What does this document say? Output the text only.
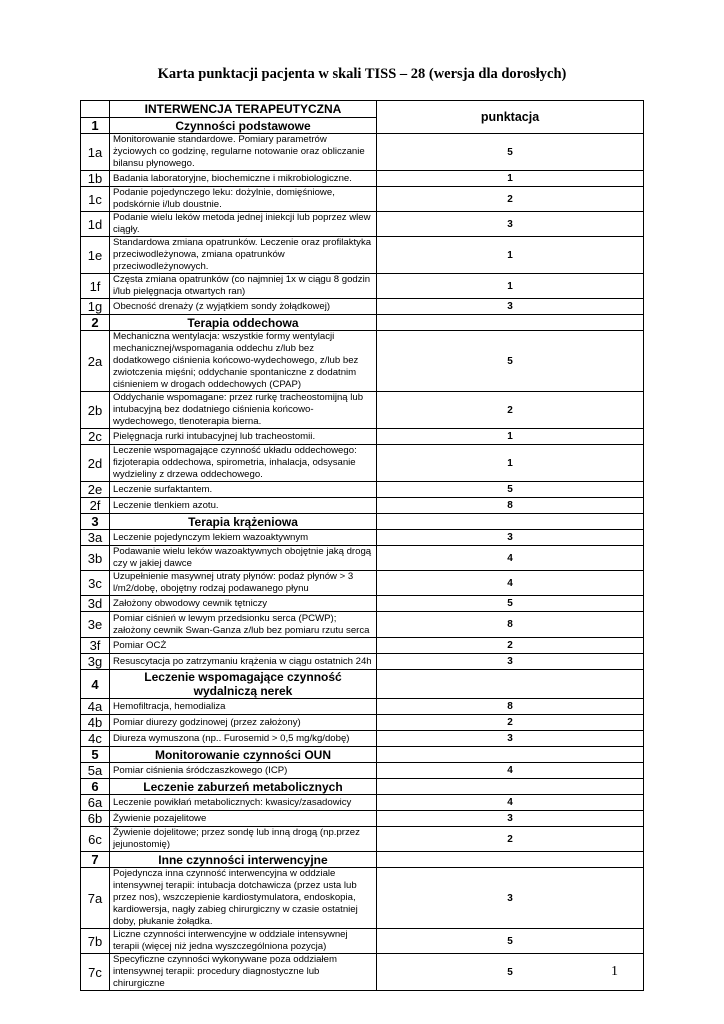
Karta punktacji pacjenta w skali TISS – 28 (wersja dla dorosłych)
	INTERWENCJA TERAPEUTYCZNA	punktacja
1	Czynności podstawowe	
1a	Monitorowanie standardowe. Pomiary parametrów życiowych co godzinę, regularne notowanie oraz obliczanie bilansu płynowego.	5
1b	Badania laboratoryjne, biochemiczne i mikrobiologiczne.	1
1c	Podanie pojedynczego leku: dożylnie, domięśniowe, podskórnie i/lub doustnie.	2
1d	Podanie wielu leków metoda jednej iniekcji lub poprzez wlew ciągły.	3
1e	Standardowa zmiana opatrunków. Leczenie oraz profilaktyka przeciwodleżynowa, zmiana opatrunków przeciwodleżynowych.	1
1f	Częsta zmiana opatrunków (co najmniej 1x w ciągu 8 godzin i/lub pielęgnacja otwartych ran)	1
1g	Obecność drenaży (z wyjątkiem sondy żołądkowej)	3
2	Terapia oddechowa	
2a	Mechaniczna wentylacja: wszystkie formy wentylacji mechanicznej/wspomagania oddechu z/lub bez dodatkowego ciśnienia końcowo-wydechowego, z/lub bez zwiotczenia mięśni; oddychanie spontaniczne z dodatnim ciśnieniem w drogach oddechowych (CPAP)	5
2b	Oddychanie wspomagane: przez rurkę tracheostomijną lub intubacyjną bez dodatniego ciśnienia końcowo-wydechowego, tlenoterapia bierna.	2
2c	Pielęgnacja rurki intubacyjnej lub tracheostomii.	1
2d	Leczenie wspomagające czynność układu oddechowego: fizjoterapia oddechowa, spirometria, inhalacja, odsysanie wydzieliny z drzewa oddechowego.	1
2e	Leczenie surfaktantem.	5
2f	Leczenie tlenkiem azotu.	8
3	Terapia krążeniowa	
3a	Leczenie pojedynczym lekiem wazoaktywnym	3
3b	Podawanie wielu leków wazoaktywnych obojętnie jaką drogą czy w jakiej dawce	4
3c	Uzupełnienie masywnej utraty płynów: podaż płynów > 3 l/m2/dobę, obojętny rodzaj podawanego płynu	4
3d	Założony obwodowy cewnik tętniczy	5
3e	Pomiar ciśnień w lewym przedsionku serca (PCWP); założony cewnik Swan-Ganza z/lub bez pomiaru rzutu serca	8
3f	Pomiar OCŻ	2
3g	Resuscytacja po zatrzymaniu krążenia w ciągu ostatnich 24h	3
4	Leczenie wspomagające czynność wydalniczą nerek	
4a	Hemofiltracja, hemodializa	8
4b	Pomiar diurezy godzinowej (przez założony)	2
4c	Diureza wymuszona (np.. Furosemid > 0,5 mg/kg/dobę)	3
5	Monitorowanie czynności OUN	
5a	Pomiar ciśnienia śródczaszkowego (ICP)	4
6	Leczenie zaburzeń metabolicznych	
6a	Leczenie powikłań metabolicznych: kwasicy/zasadowicy	4
6b	Żywienie pozajelitowe	3
6c	Żywienie dojelitowe; przez sondę lub inną drogą (np.przez jejunostomię)	2
7	Inne czynności interwencyjne	
7a	Pojedyncza inna czynność interwencyjna w oddziale intensywnej terapii: intubacja dotchawicza (przez usta lub przez nos), wszczepienie kardiostymulatora, endoskopia, kardiowersja, nagły zabieg chirurgiczny w czasie ostatniej doby, płukanie żołądka.	3
7b	Liczne czynności interwencyjne w oddziale intensywnej terapii (więcej niż jedna wyszczególniona pozycja)	5
7c	Specyficzne czynności wykonywane poza oddziałem intensywnej terapii: procedury diagnostyczne lub chirurgiczne	5	1
